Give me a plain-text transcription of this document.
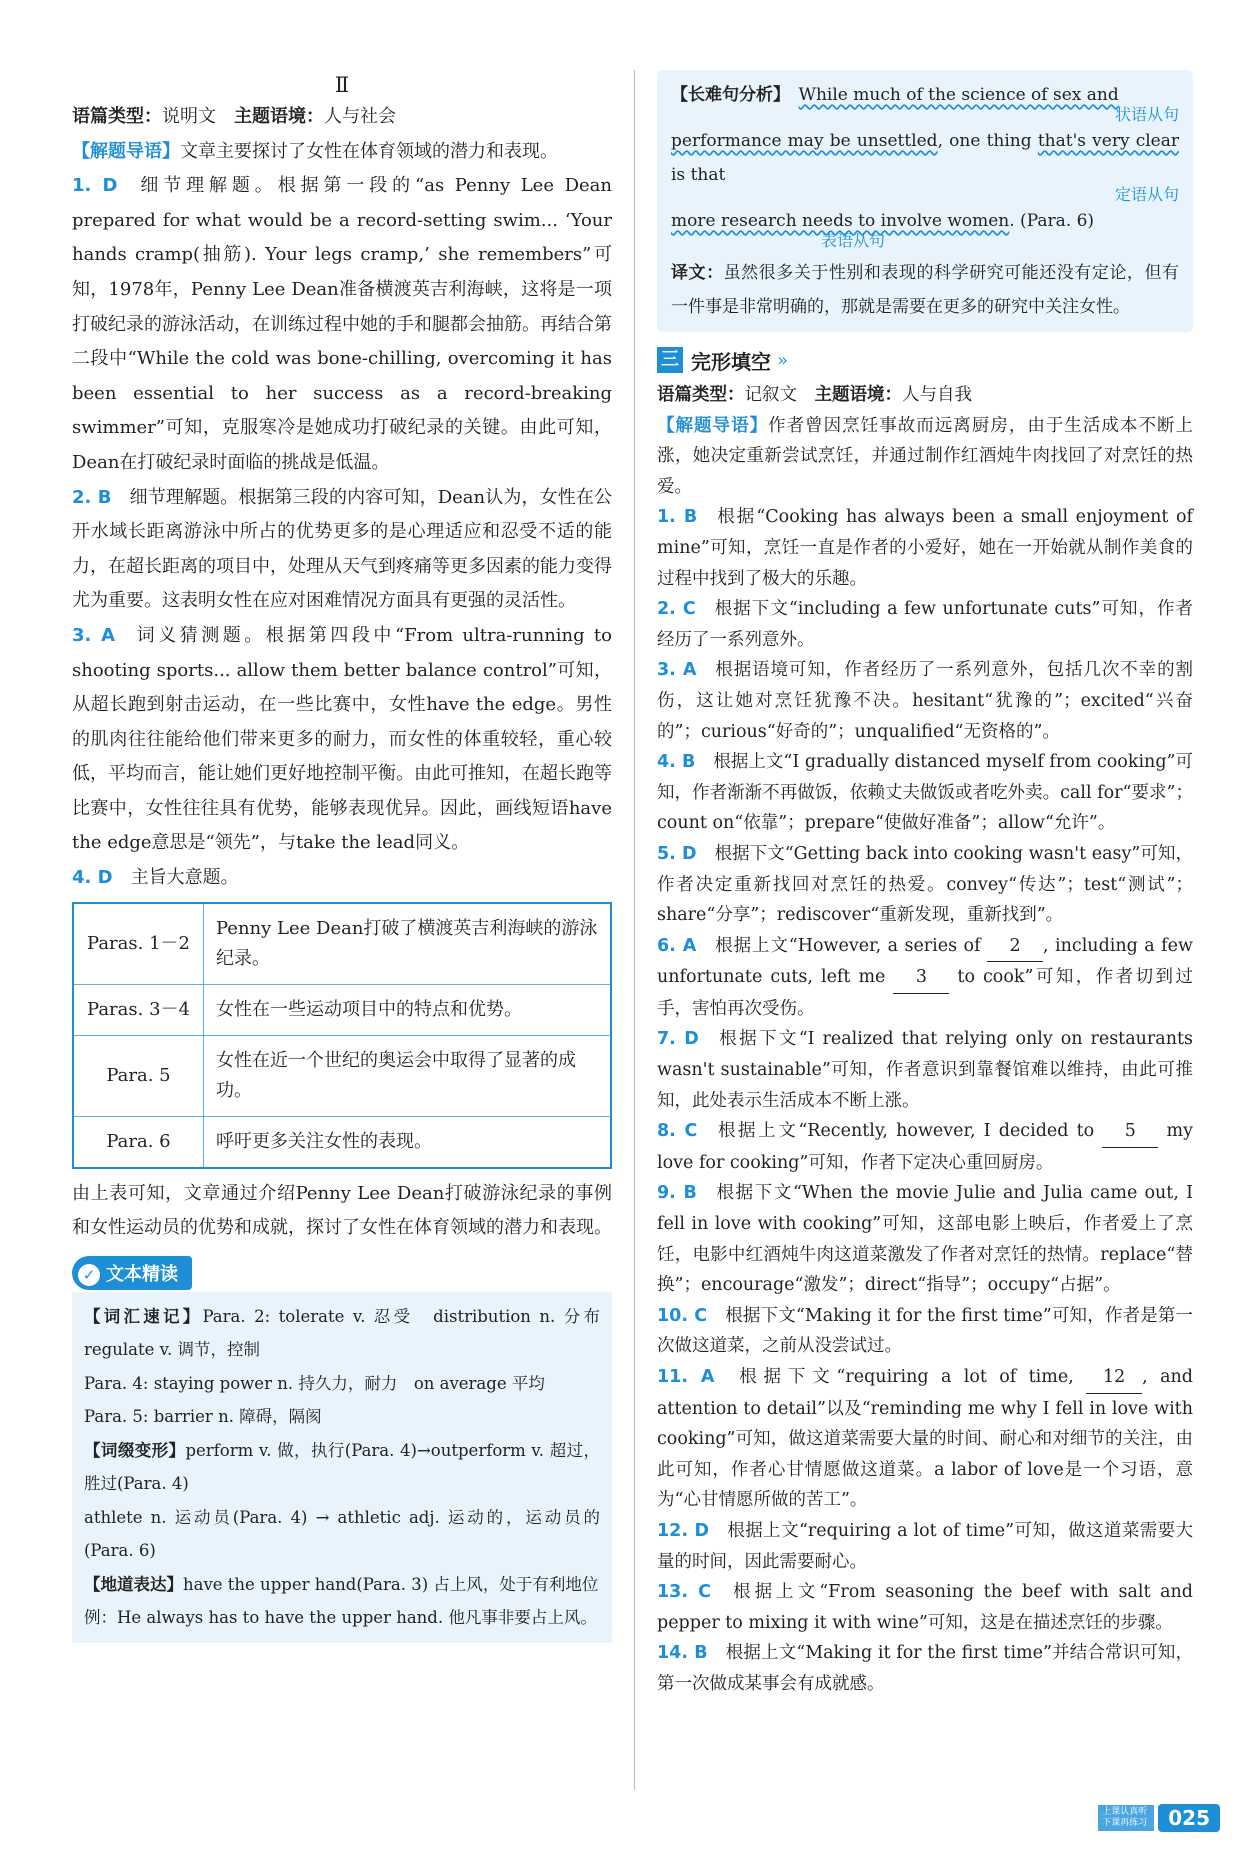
Ⅱ

语篇类型：说明文　 主题语境：人与社会

【解题导语】文章主要探讨了女性在体育领域的潜力和表现。

1. D 细节理解题。根据第一段的“as Penny Lee Dean prepared for what would be a record-setting swim... ‘Your hands cramp(抽筋). Your legs cramp,’ she remembers”可知，1978年，Penny Lee Dean准备横渡英吉利海峡，这将是一项打破纪录的游泳活动，在训练过程中她的手和腿都会抽筋。再结合第二段中“While the cold was bone-chilling, overcoming it has been essential to her success as a record-breaking swimmer”可知，克服寒冷是她成功打破纪录的关键。由此可知，Dean在打破纪录时面临的挑战是低温。

2. B 细节理解题。根据第三段的内容可知，Dean认为，女性在公开水域长距离游泳中所占的优势更多的是心理适应和忍受不适的能力，在超长距离的项目中，处理从天气到疼痛等更多因素的能力变得尤为重要。这表明女性在应对困难情况方面具有更强的灵活性。

3. A 词义猜测题。根据第四段中“From ultra-running to shooting sports... allow them better balance control”可知，从超长跑到射击运动，在一些比赛中，女性have the edge。男性的肌肉往往能给他们带来更多的耐力，而女性的体重较轻，重心较低，平均而言，能让她们更好地控制平衡。由此可推知，在超长跑等比赛中，女性往往具有优势，能够表现优异。因此，画线短语have the edge意思是“领先”，与take the lead同义。

4. D 主旨大意题。

Paras. 1－2	Penny Lee Dean打破了横渡英吉利海峡的游泳纪录。
Paras. 3－4	女性在一些运动项目中的特点和优势。
Para. 5	女性在近一个世纪的奥运会中取得了显著的成功。
Para. 6	呼吁更多关注女性的表现。

由上表可知，文章通过介绍Penny Lee Dean打破游泳纪录的事例和女性运动员的优势和成就，探讨了女性在体育领域的潜力和表现。

✓ 文本精读

【词汇速记】Para. 2: tolerate v. 忍受　distribution n. 分布　regulate v. 调节，控制

Para. 4: staying power n. 持久力，耐力　on average 平均

Para. 5: barrier n. 障碍，隔阂

【词缀变形】perform v. 做，执行(Para. 4)→outperform v. 超过，胜过(Para. 4)

athlete n. 运动员(Para. 4) → athletic adj. 运动的，运动员的(Para. 6)

【地道表达】have the upper hand(Para. 3) 占上风，处于有利地位

例：He always has to have the upper hand. 他凡事非要占上风。

【长难句分析】　 While much of the science of sex and

状语从句

performance may be unsettled, one thing that's very clear is that

定语从句

more research needs to involve women. (Para. 6)

表语从句

译文：虽然很多关于性别和表现的科学研究可能还没有定论，但有一件事是非常明确的，那就是需要在更多的研究中关注女性。

三 完形填空 »

语篇类型：记叙文　 主题语境：人与自我

【解题导语】作者曾因烹饪事故而远离厨房，由于生活成本不断上涨，她决定重新尝试烹饪，并通过制作红酒炖牛肉找回了对烹饪的热爱。

1. B 根据“Cooking has always been a small enjoyment of mine”可知，烹饪一直是作者的小爱好，她在一开始就从制作美食的过程中找到了极大的乐趣。

2. C 根据下文“including a few unfortunate cuts”可知，作者经历了一系列意外。

3. A 根据语境可知，作者经历了一系列意外，包括几次不幸的割伤，这让她对烹饪犹豫不决。hesitant“犹豫的”；excited“兴奋的”；curious“好奇的”；unqualified“无资格的”。

4. B 根据上文“I gradually distanced myself from cooking”可知，作者渐渐不再做饭，依赖丈夫做饭或者吃外卖。call for“要求”；count on“依靠”；prepare“使做好准备”；allow“允许”。

5. D 根据下文“Getting back into cooking wasn't easy”可知，作者决定重新找回对烹饪的热爱。convey“传达”；test“测试”；share“分享”；rediscover“重新发现，重新找到”。

6. A 根据上文“However, a series of 2 , including a few unfortunate cuts, left me 3 to cook”可知，作者切到过手，害怕再次受伤。

7. D 根据下文“I realized that relying only on restaurants wasn't sustainable”可知，作者意识到靠餐馆难以维持，由此可推知，此处表示生活成本不断上涨。

8. C 根据上文“Recently, however, I decided to 5 my love for cooking”可知，作者下定决心重回厨房。

9. B 根据下文“When the movie Julie and Julia came out, I fell in love with cooking”可知，这部电影上映后，作者爱上了烹饪，电影中红酒炖牛肉这道菜激发了作者对烹饪的热情。replace“替换”；encourage“激发”；direct“指导”；occupy“占据”。

10. C 根据下文“Making it for the first time”可知，作者是第一次做这道菜，之前从没尝试过。

11. A 根据下文“requiring a lot of time, 12 , and attention to detail”以及“reminding me why I fell in love with cooking”可知，做这道菜需要大量的时间、耐心和对细节的关注，由此可知，作者心甘情愿做这道菜。a labor of love是一个习语，意为“心甘情愿所做的苦工”。

12. D 根据上文“requiring a lot of time”可知，做这道菜需要大量的时间，因此需要耐心。

13. C 根据上文“From seasoning the beef with salt and pepper to mixing it with wine”可知，这是在描述烹饪的步骤。

14. B 根据上文“Making it for the first time”并结合常识可知，第一次做成某事会有成就感。

上课认真听 下课再练习	025
